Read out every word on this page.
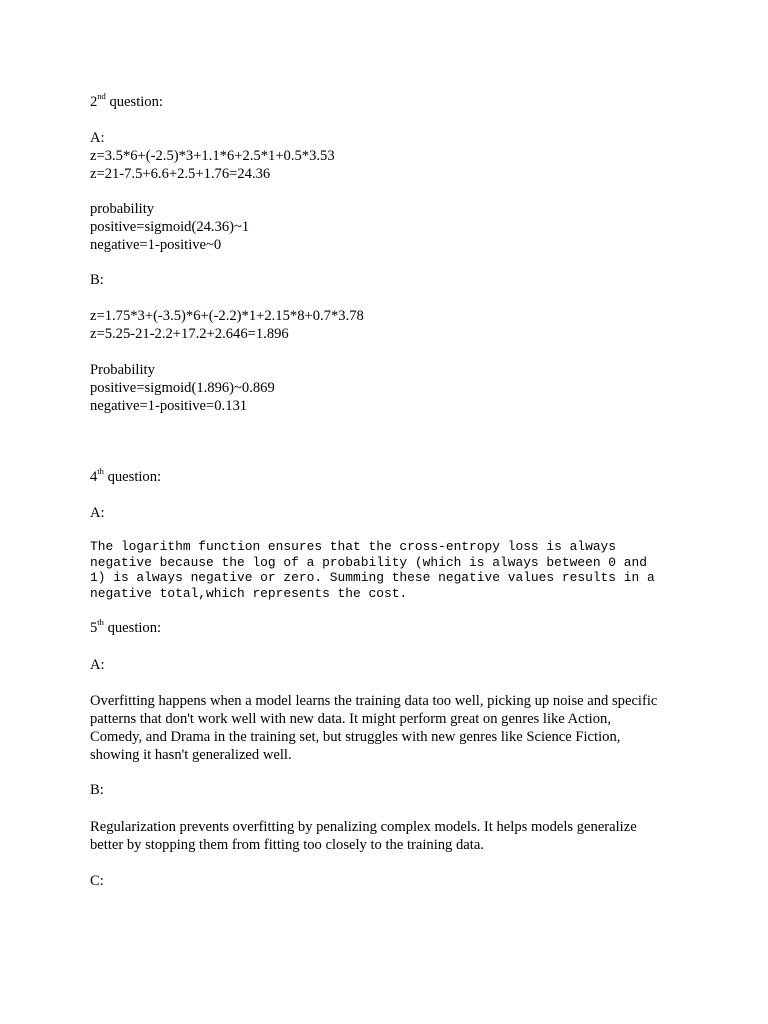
2nd question:
A:
z=3.5*6+(-2.5)*3+1.1*6+2.5*1+0.5*3.53
z=21-7.5+6.6+2.5+1.76=24.36
probability
positive=sigmoid(24.36)~1
negative=1-positive~0
B:
z=1.75*3+(-3.5)*6+(-2.2)*1+2.15*8+0.7*3.78
z=5.25-21-2.2+17.2+2.646=1.896
Probability
positive=sigmoid(1.896)~0.869
negative=1-positive=0.131
4th question:
A:
The logarithm function ensures that the cross-entropy loss is always
negative because the log of a probability (which is always between 0 and
1) is always negative or zero. Summing these negative values results in a
negative total,which represents the cost.
5th question:
A:
Overfitting happens when a model learns the training data too well, picking up noise and specific
patterns that don't work well with new data. It might perform great on genres like Action,
Comedy, and Drama in the training set, but struggles with new genres like Science Fiction,
showing it hasn't generalized well.
B:
Regularization prevents overfitting by penalizing complex models. It helps models generalize
better by stopping them from fitting too closely to the training data.
C:
